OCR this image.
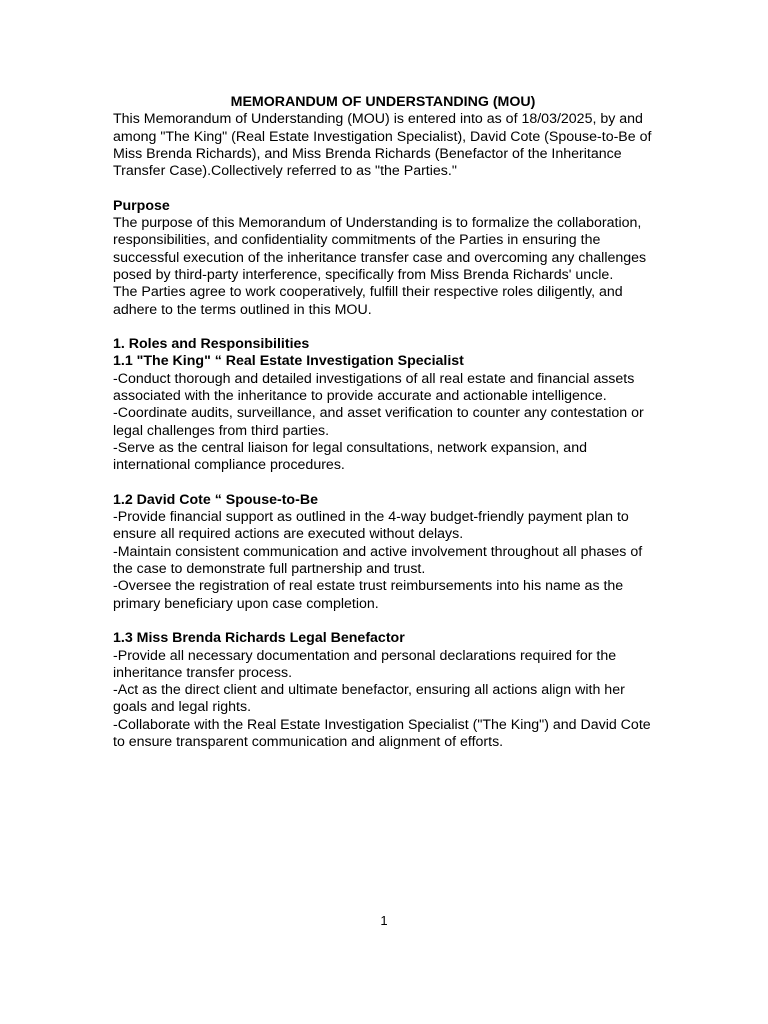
MEMORANDUM OF UNDERSTANDING (MOU)

This Memorandum of Understanding (MOU) is entered into as of 18/03/2025, by and among "The King" (Real Estate Investigation Specialist), David Cote (Spouse-to-Be of Miss Brenda Richards), and Miss Brenda Richards (Benefactor of the Inheritance Transfer Case).Collectively referred to as "the Parties."

Purpose

The purpose of this Memorandum of Understanding is to formalize the collaboration, responsibilities, and confidentiality commitments of the Parties in ensuring the successful execution of the inheritance transfer case and overcoming any challenges posed by third-party interference, specifically from Miss Brenda Richards' uncle.

The Parties agree to work cooperatively, fulfill their respective roles diligently, and adhere to the terms outlined in this MOU.

1. Roles and Responsibilities

1.1 "The King" “ Real Estate Investigation Specialist

-Conduct thorough and detailed investigations of all real estate and financial assets associated with the inheritance to provide accurate and actionable intelligence.

-Coordinate audits, surveillance, and asset verification to counter any contestation or legal challenges from third parties.

-Serve as the central liaison for legal consultations, network expansion, and international compliance procedures.

1.2 David Cote “ Spouse-to-Be

-Provide financial support as outlined in the 4-way budget-friendly payment plan to ensure all required actions are executed without delays.

-Maintain consistent communication and active involvement throughout all phases of the case to demonstrate full partnership and trust.

-Oversee the registration of real estate trust reimbursements into his name as the primary beneficiary upon case completion.

1.3 Miss Brenda Richards Legal Benefactor

-Provide all necessary documentation and personal declarations required for the inheritance transfer process.

-Act as the direct client and ultimate benefactor, ensuring all actions align with her goals and legal rights.

-Collaborate with the Real Estate Investigation Specialist ("The King") and David Cote to ensure transparent communication and alignment of efforts.

1
